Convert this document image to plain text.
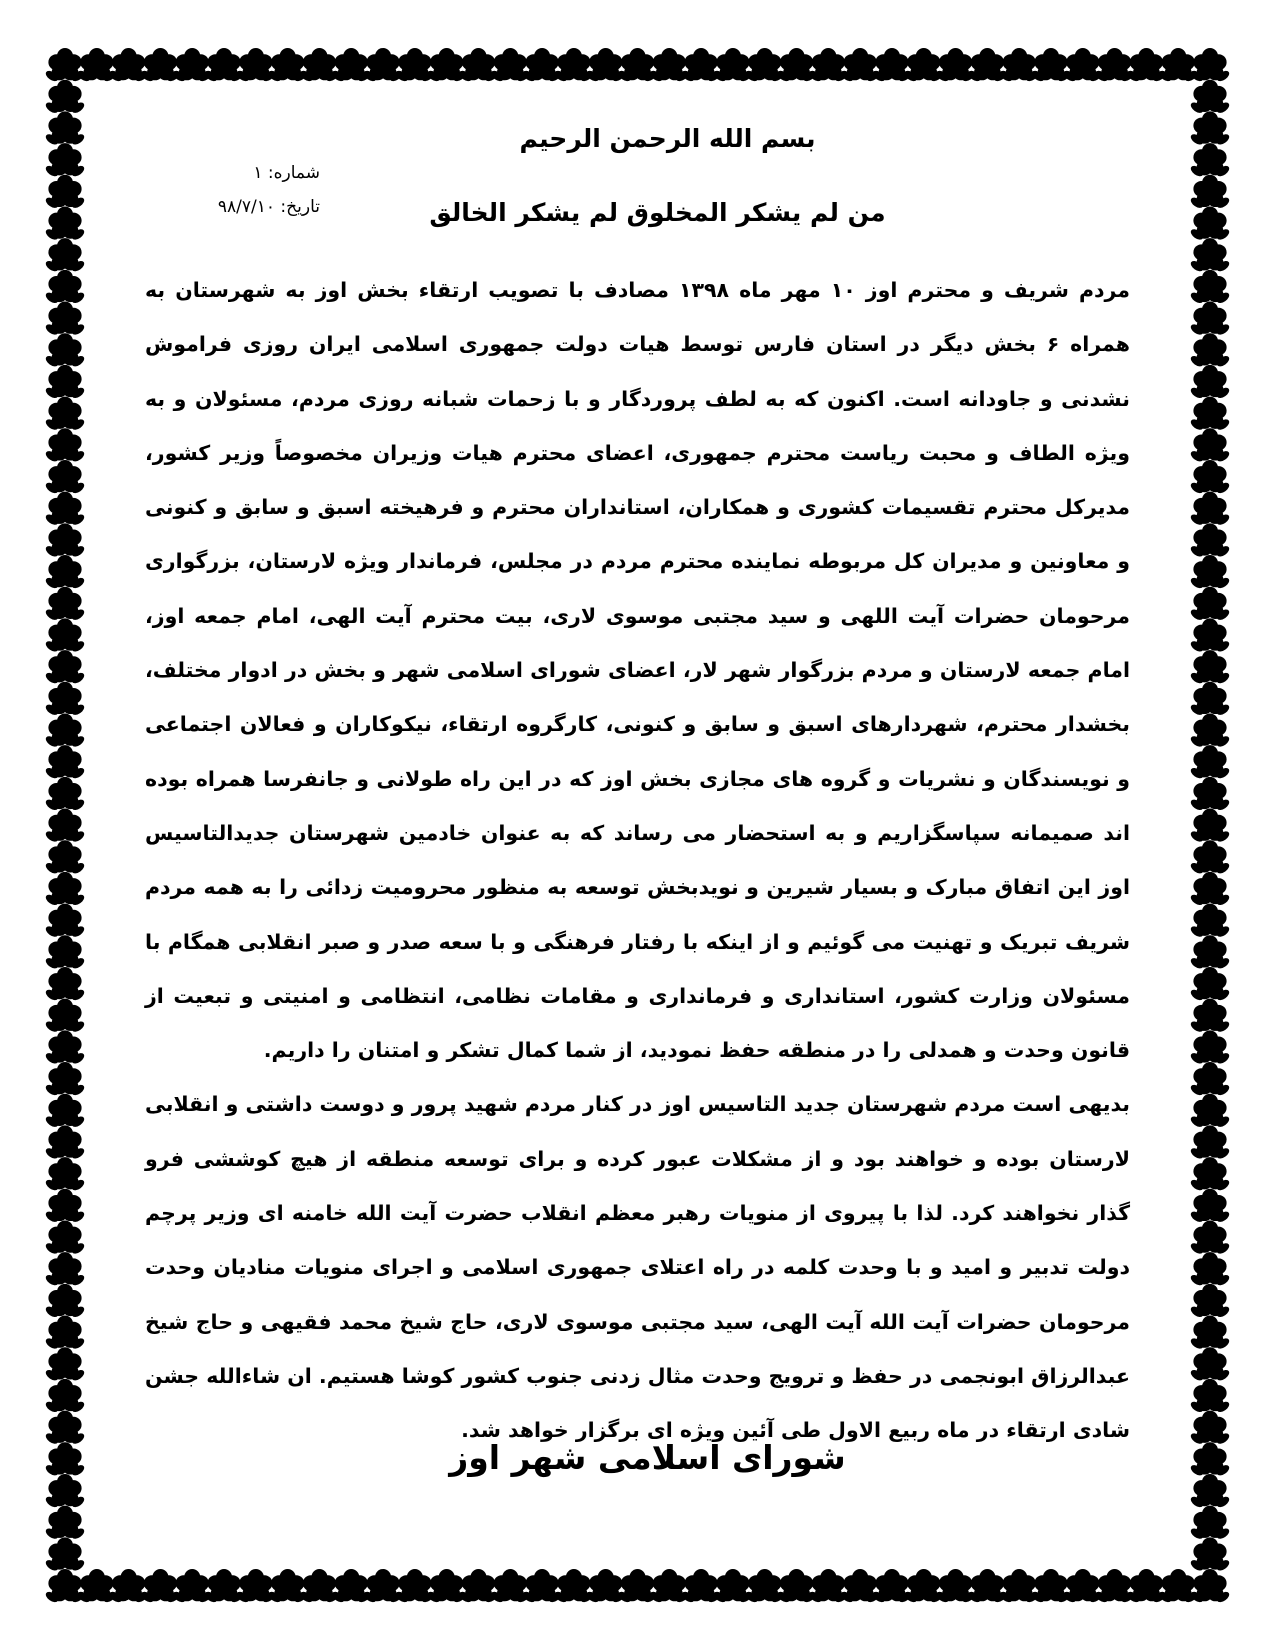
بسم الله الرحمن الرحیم
شماره: ۱
تاریخ: ۹۸/۷/۱۰	من لم یشکر المخلوق لم یشکر الخالق

مردم شریف و محترم اوز ۱۰ مهر ماه ۱۳۹۸ مصادف با تصویب ارتقاء بخش اوز به شهرستان به همراه ۶ بخش دیگر در استان فارس توسط هیات دولت جمهوری اسلامی ایران روزی فراموش نشدنی و جاودانه است. اکنون که به لطف پروردگار و با زحمات شبانه روزی مردم، مسئولان و به ویژه الطاف و محبت ریاست محترم جمهوری، اعضای محترم هیات وزیران مخصوصاً وزیر کشور، مدیرکل محترم تقسیمات کشوری و همکاران، استانداران محترم و فرهیخته اسبق و سابق و کنونی و معاونین و مدیران کل مربوطه نماینده محترم مردم در مجلس، فرماندار ویژه لارستان، بزرگواری مرحومان حضرات آیت اللهی و سید مجتبی موسوی لاری، بیت محترم آیت الهی، امام جمعه اوز، امام جمعه لارستان و مردم بزرگوار شهر لار، اعضای شورای اسلامی شهر و بخش در ادوار مختلف، بخشدار محترم، شهردارهای اسبق و سابق و کنونی، کارگروه ارتقاء، نیکوکاران و فعالان اجتماعی و نویسندگان و نشریات و گروه های مجازی بخش اوز که در این راه طولانی و جانفرسا همراه بوده اند صمیمانه سپاسگزاریم و به استحضار می رساند که به عنوان خادمین شهرستان جدیدالتاسیس اوز این اتفاق مبارک و بسیار شیرین و نویدبخش توسعه به منظور محرومیت زدائی را به همه مردم شریف تبریک و تهنیت می گوئیم و از اینکه با رفتار فرهنگی و با سعه صدر و صبر انقلابی همگام با مسئولان وزارت کشور، استانداری و فرمانداری و مقامات نظامی، انتظامی و امنیتی و تبعیت از قانون وحدت و همدلی را در منطقه حفظ نمودید، از شما کمال تشکر و امتنان را داریم.

بدیهی است مردم شهرستان جدید التاسیس اوز در کنار مردم شهید پرور و دوست داشتی و انقلابی لارستان بوده و خواهند بود و از مشکلات عبور کرده و برای توسعه منطقه از هیچ کوششی فرو گذار نخواهند کرد. لذا با پیروی از منویات رهبر معظم انقلاب حضرت آیت الله خامنه ای وزیر پرچم دولت تدبیر و امید و با وحدت کلمه در راه اعتلای جمهوری اسلامی و اجرای منویات منادیان وحدت مرحومان حضرات آیت الله آیت الهی، سید مجتبی موسوی لاری، حاج شیخ محمد فقیهی و حاج شیخ عبدالرزاق ابونجمی در حفظ و ترویج وحدت مثال زدنی جنوب کشور کوشا هستیم. ان شاءالله جشن شادی ارتقاء در ماه ربیع الاول طی آئین ویژه ای برگزار خواهد شد.

شورای اسلامی شهر اوز
